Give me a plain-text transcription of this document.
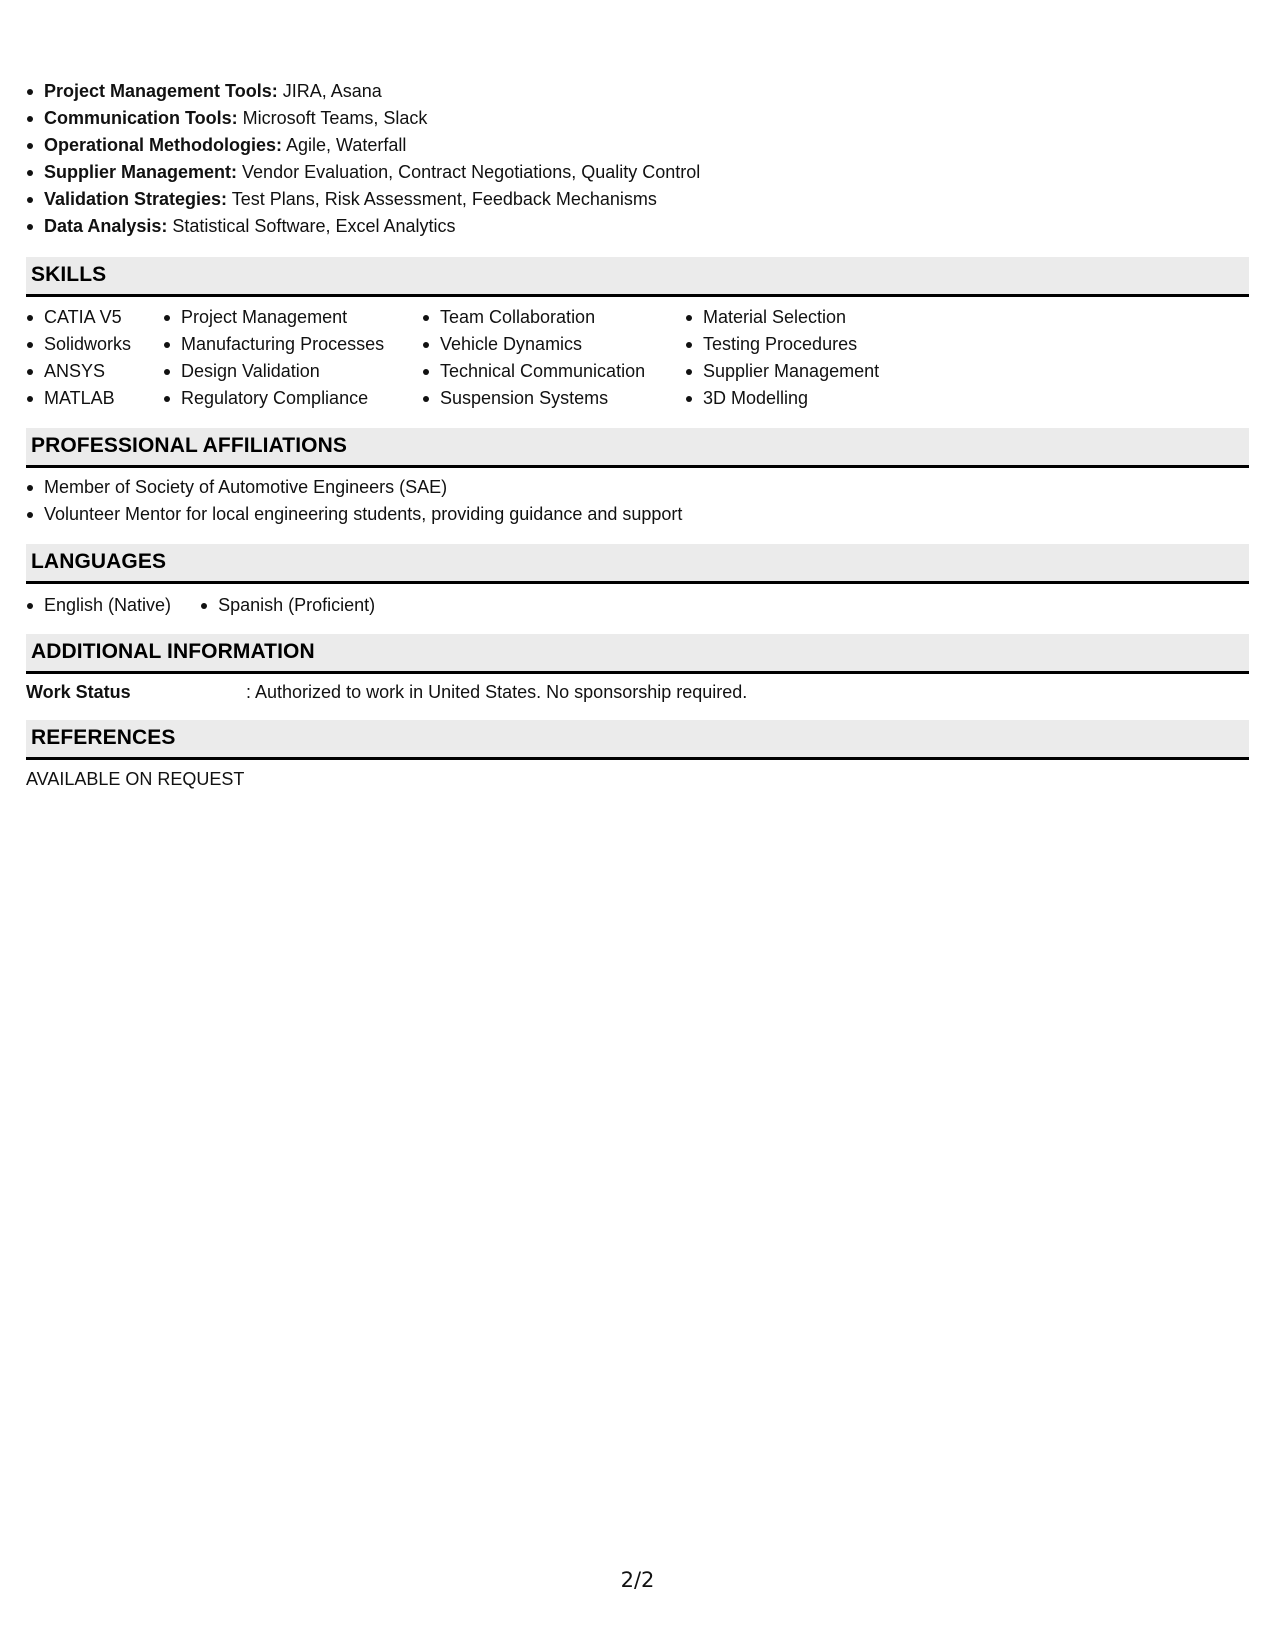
Project Management Tools: JIRA, Asana
Communication Tools: Microsoft Teams, Slack
Operational Methodologies: Agile, Waterfall
Supplier Management: Vendor Evaluation, Contract Negotiations, Quality Control
Validation Strategies: Test Plans, Risk Assessment, Feedback Mechanisms
Data Analysis: Statistical Software, Excel Analytics
SKILLS
CATIA V5
Solidworks
ANSYS
MATLAB
Project Management
Manufacturing Processes
Design Validation
Regulatory Compliance
Team Collaboration
Vehicle Dynamics
Technical Communication
Suspension Systems
Material Selection
Testing Procedures
Supplier Management
3D Modelling
PROFESSIONAL AFFILIATIONS
Member of Society of Automotive Engineers (SAE)
Volunteer Mentor for local engineering students, providing guidance and support
LANGUAGES
English (Native)
	Spanish (Proficient)
ADDITIONAL INFORMATION
Work Status	: Authorized to work in United States. No sponsorship required.
REFERENCES
AVAILABLE ON REQUEST
2/2
